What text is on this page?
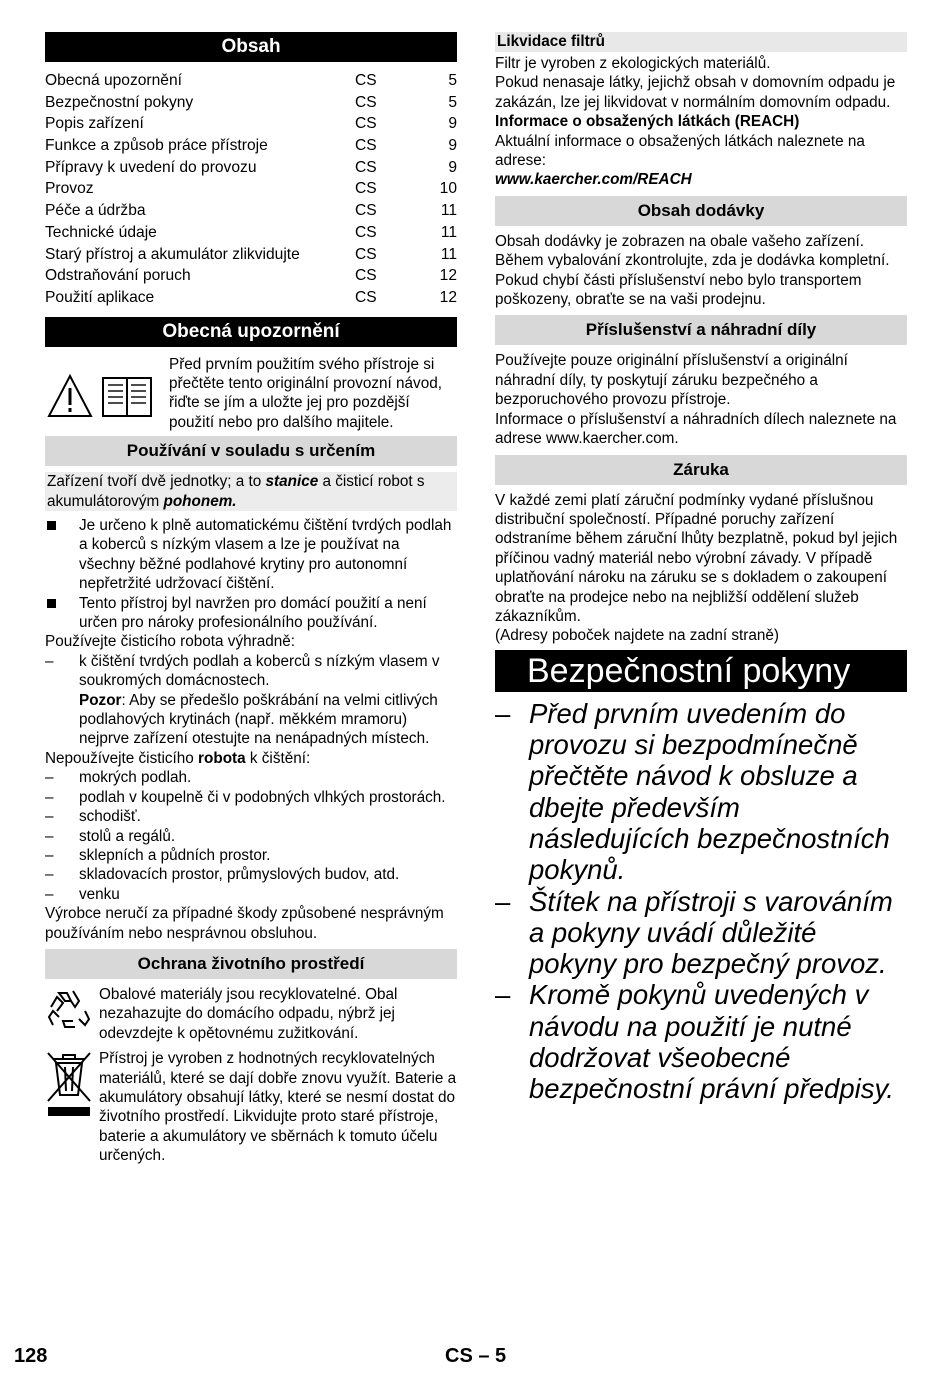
Obsah
Obecná upozornění	CS	5
Bezpečnostní pokyny	CS	5
Popis zařízení	CS	9
Funkce a způsob práce přístroje	CS	9
Přípravy k uvedení do provozu	CS	9
Provoz	CS	10
Péče a údržba	CS	11
Technické údaje	CS	11
Starý přístroj a akumulátor zlikvidujte	CS	11
Odstraňování poruch	CS	12
Použití aplikace	CS	12
Obecná upozornění

Před prvním použitím svého přístroje si přečtěte tento originální provozní návod, řiďte se jím a uložte jej pro pozdější použití nebo pro dalšího majitele.

Používání v souladu s určením

Zařízení tvoří dvě jednotky; a to stanice a čisticí robot s akumulátorovým pohonem.

Je určeno k plně automatickému čištění tvrdých podlah a koberců s nízkým vlasem a lze je používat na všechny běžné podlahové krytiny pro autonomní nepřetržité udržovací čištění.
Tento přístroj byl navržen pro domácí použití a není určen pro nároky profesionálního používání.

Používejte čisticího robota výhradně:

– k čištění tvrdých podlah a koberců s nízkým vlasem v soukromých domácnostech.
Pozor: Aby se předešlo poškrábání na velmi citlivých podlahových krytinách (např. měkkém mramoru) nejprve zařízení otestujte na nenápadných místech.

Nepoužívejte čisticího robota k čištění:

– mokrých podlah.
– podlah v koupelně či v podobných vlhkých prostorách.
– schodišť.
– stolů a regálů.
– sklepních a půdních prostor.
– skladovacích prostor, průmyslových budov, atd.
– venku

Výrobce neručí za případné škody způsobené nesprávným používáním nebo nesprávnou obsluhou.

Ochrana životního prostředí

Obalové materiály jsou recyklovatelné. Obal nezahazujte do domácího odpadu, nýbrž jej odevzdejte k opětovnému zužitkování.

Přístroj je vyroben z hodnotných recyklovatelných materiálů, které se dají dobře znovu využít. Baterie a akumulátory obsahují látky, které se nesmí dostat do životního prostředí. Likvidujte proto staré přístroje, baterie a akumulátory ve sběrnách k tomuto účelu určených.

Likvidace filtrů

Filtr je vyroben z ekologických materiálů.

Pokud nenasaje látky, jejichž obsah v domovním odpadu je zakázán, lze jej likvidovat v normálním domovním odpadu.

Informace o obsažených látkách (REACH)

Aktuální informace o obsažených látkách naleznete na adrese:

www.kaercher.com/REACH

Obsah dodávky

Obsah dodávky je zobrazen na obale vašeho zařízení. Během vybalování zkontrolujte, zda je dodávka kompletní.

Pokud chybí části příslušenství nebo bylo transportem poškozeny, obraťte se na vaši prodejnu.

Příslušenství a náhradní díly

Používejte pouze originální příslušenství a originální náhradní díly, ty poskytují záruku bezpečného a bezporuchového provozu přístroje.

Informace o příslušenství a náhradních dílech naleznete na adrese www.kaercher.com.

Záruka

V každé zemi platí záruční podmínky vydané příslušnou distribuční společností. Případné poruchy zařízení odstraníme během záruční lhůty bezplatně, pokud byl jejich příčinou vadný materiál nebo výrobní závady. V případě uplatňování nároku na záruku se s dokladem o zakoupení obraťte na prodejce nebo na nejbližší oddělení služeb zákazníkům.

(Adresy poboček najdete na zadní straně)

Bezpečnostní pokyny
– Před prvním uvedením do provozu si bezpodmínečně přečtěte návod k obsluze a dbejte především následujících bezpečnostních pokynů.
– Štítek na přístroji s varováním a pokyny uvádí důležité pokyny pro bezpečný provoz.
– Kromě pokynů uvedených v návodu na použití je nutné dodržovat všeobecné bezpečnostní právní předpisy.
128	CS – 5
